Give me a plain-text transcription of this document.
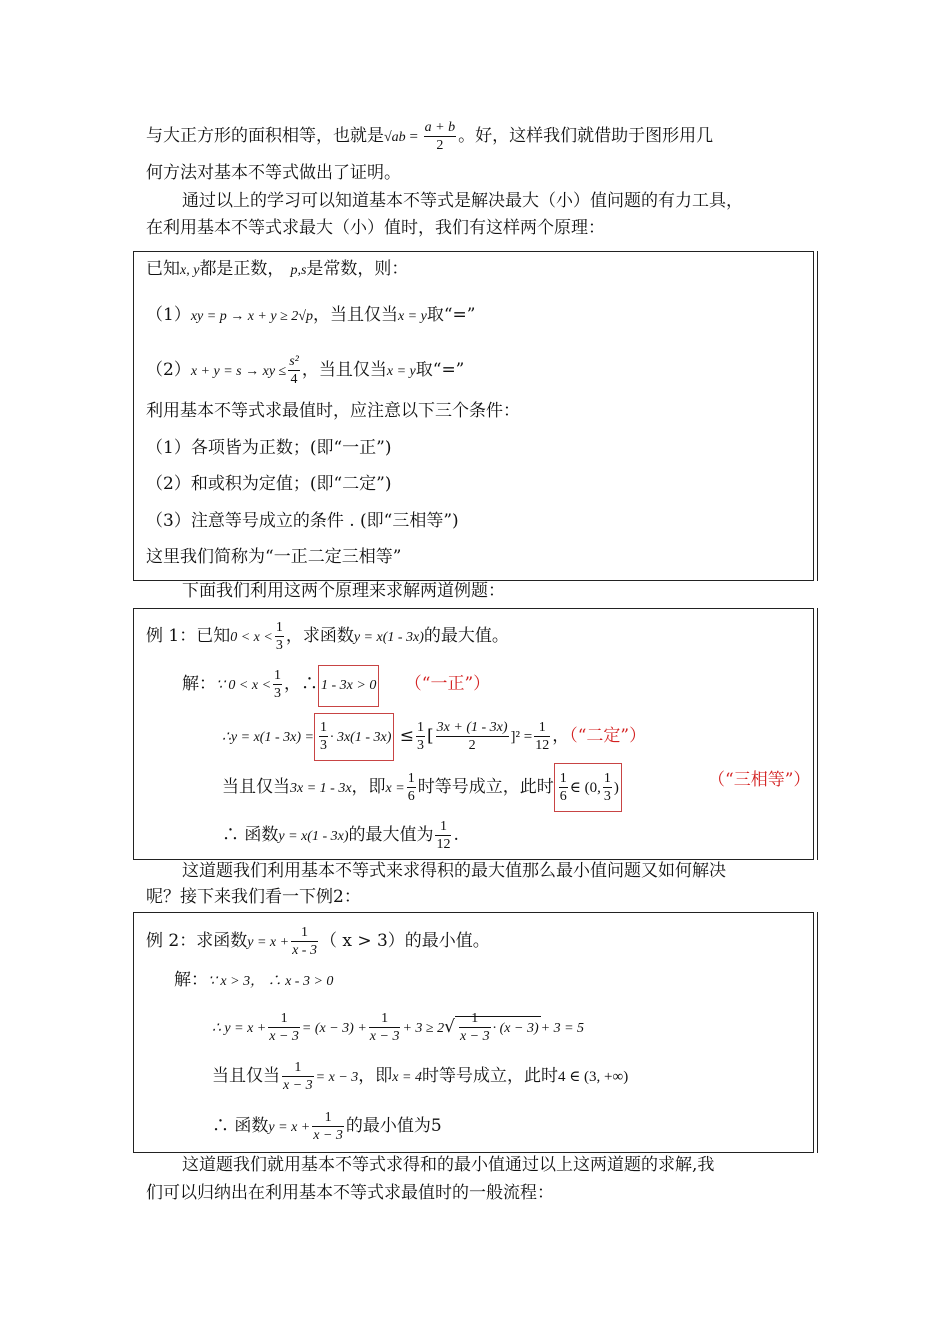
与大正方形的面积相等，也就是$√ab = \frac{a + b}{2}$ 。好，这样我们就借助于图形用几
何方法对基本不等式做出了证明。
通过以上的学习可以知道基本不等式是解决最大（小）值问题的有力工具，
在利用基本不等式求最大（小）值时，我们有这样两个原理：
已知x, y都是正数， p,s是常数，则：
（1）xy = p → x + y ≥ 2√p，当且仅当x = y取“=”
（2）x + y = s → xy ≤ $\frac{\text{s²}}{4}$ ，当且仅当x = y取“=”
利用基本不等式求最值时，应注意以下三个条件：
（1）各项皆为正数；(即“一正”)
（2）和或积为定值；(即“二定”)
（3）注意等号成立的条件 . (即“三相等”)
这里我们简称为“一正二定三相等”
下面我们利用这两个原理来求解两道例题：
例 1：已知$0 < x < \frac{1}{3}$ ，求函数y = x(1 - 3x)的最大值。
解：∵ $0 < x < \frac{1}{3}$ ，∴ 1 - 3x > 0 （“一正”）
∴y = $x(1 - 3x) = \frac{1}{3} \cdot 3x(1 - 3x) \le \frac{1}{3}$ [ $\frac{3x + (1 - 3x)}{2} ]^2 = \frac{1}{12}$ ，（“二定”）
当且仅当3x = 1 - 3x，即$x = \frac{1}{6}$ 时等号成立，此时 $\frac{1}{6}$ ∈ (0, $\frac{1}{3}$ )	（“三相等”）
∴ 函数y = x(1 - 3x)的最大值为 $\frac{1}{12}$ .
这道题我们利用基本不等式来求得积的最大值那么最小值问题又如何解决
呢？接下来我们看一下例2：
例 2：求函数$y = x + \frac{1}{x - 3}$ （ x > 3）的最小值。
解：∵ x > 3， ∴ x - 3 > 0
∴ $y = x + \frac{1}{x - 3} = (x - 3) + \frac{1}{x - 3} + 3 \ge 2√ \frac{1}{x - 3} \cdot (x - 3) + 3 = 5$
当且仅当 $\frac{1}{x - 3} = x - 3$，即x = 4时等号成立，此时4 ∈ (3, +∞)
∴ 函数$y = x + \frac{1}{x - 3}$ 的最小值为5
这道题我们就用基本不等式求得和的最小值通过以上这两道题的求解,我
们可以归纳出在利用基本不等式求最值时的一般流程：
